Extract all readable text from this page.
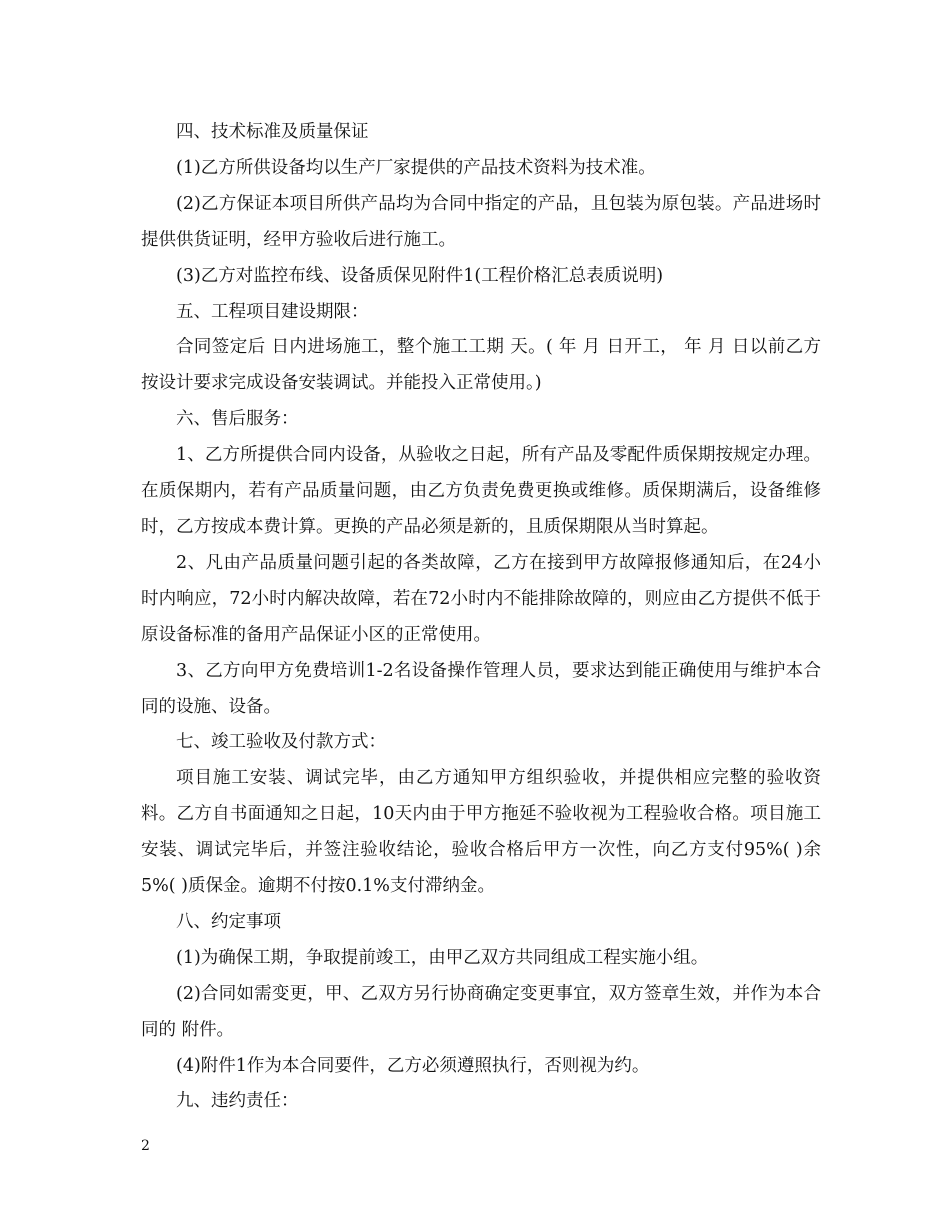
四、技术标准及质量保证

(1)乙方所供设备均以生产厂家提供的产品技术资料为技术准。

(2)乙方保证本项目所供产品均为合同中指定的产品，且包装为原包装。产品进场时提供供货证明，经甲方验收后进行施工。

(3)乙方对监控布线、设备质保见附件1(工程价格汇总表质说明)

五、工程项目建设期限：

合同签定后 日内进场施工，整个施工工期 天。( 年 月 日开工， 年 月 日以前乙方按设计要求完成设备安装调试。并能投入正常使用。)

六、售后服务：

1、乙方所提供合同内设备，从验收之日起，所有产品及零配件质保期按规定办理。在质保期内，若有产品质量问题，由乙方负责免费更换或维修。质保期满后，设备维修时，乙方按成本费计算。更换的产品必须是新的，且质保期限从当时算起。

2、凡由产品质量问题引起的各类故障，乙方在接到甲方故障报修通知后，在24小时内响应，72小时内解决故障，若在72小时内不能排除故障的，则应由乙方提供不低于原设备标准的备用产品保证小区的正常使用。

3、乙方向甲方免费培训1-2名设备操作管理人员，要求达到能正确使用与维护本合同的设施、设备。

七、竣工验收及付款方式：

项目施工安装、调试完毕，由乙方通知甲方组织验收，并提供相应完整的验收资料。乙方自书面通知之日起，10天内由于甲方拖延不验收视为工程验收合格。项目施工安装、调试完毕后，并签注验收结论，验收合格后甲方一次性，向乙方支付95%( )余5%( )质保金。逾期不付按0.1%支付滞纳金。

八、约定事项

(1)为确保工期，争取提前竣工，由甲乙双方共同组成工程实施小组。

(2)合同如需变更，甲、乙双方另行协商确定变更事宜，双方签章生效，并作为本合同的 附件。

(4)附件1作为本合同要件，乙方必须遵照执行，否则视为约。

九、违约责任：

2
